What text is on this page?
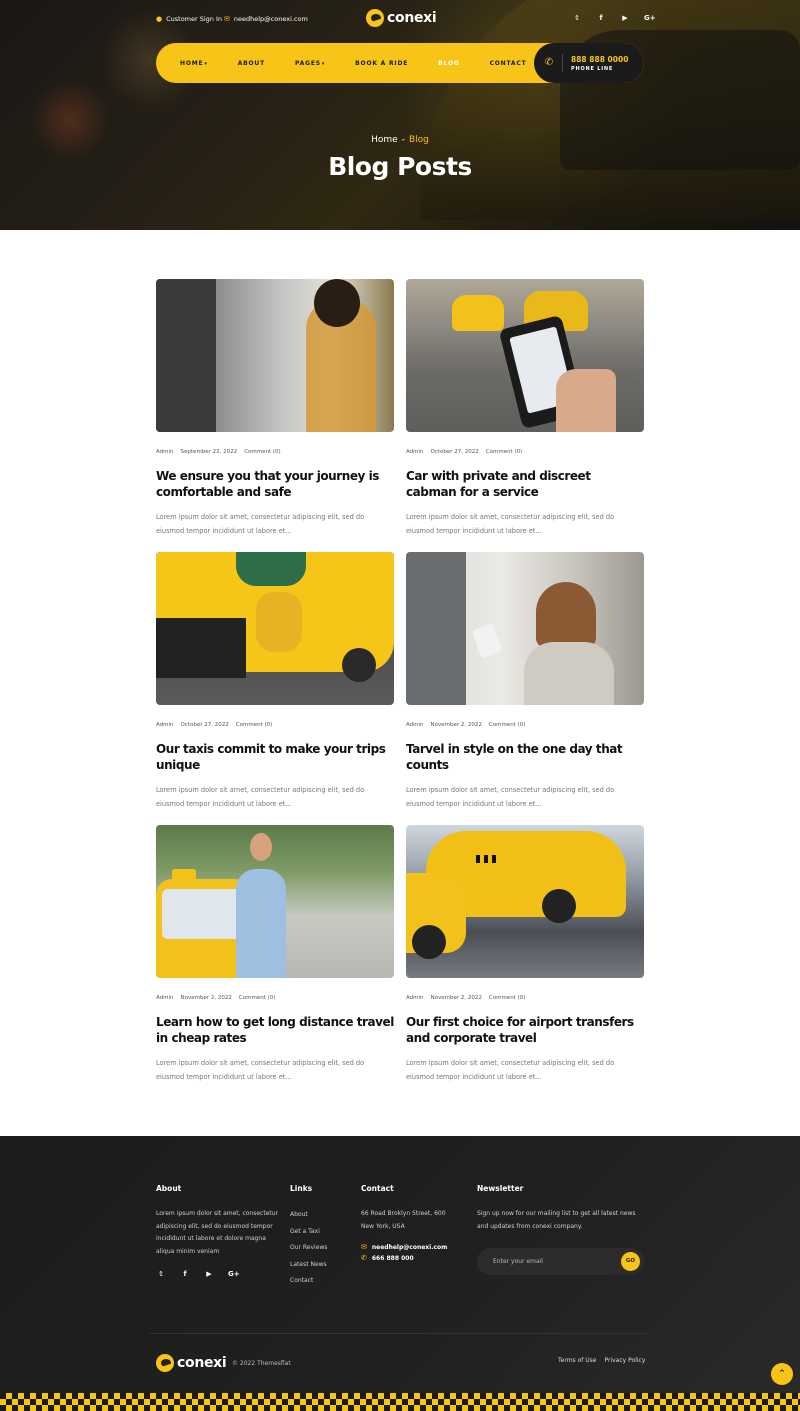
● Customer Sign In ✉ needhelp@conexi.com	conexi	𝕥	f	▶	G+
HOME▾	ABOUT	PAGES▾	BOOK A RIDE	BLOG	CONTACT ✆	888 888 0000
PHONE LINE
Home - Blog
Blog Posts
Admin September 22, 2022 Comment (0)
We ensure you that your journey is comfortable and safe

Lorem ipsum dolor sit amet, consectetur adipiscing elit, sed do eiusmod tempor incididunt ut labore et...

Admin October 27, 2022 Comment (0)
Car with private and discreet cabman for a service

Lorem ipsum dolor sit amet, consectetur adipiscing elit, sed do eiusmod tempor incididunt ut labore et...

Admin October 27, 2022 Comment (0)
Our taxis commit to make your trips unique

Lorem ipsum dolor sit amet, consectetur adipiscing elit, sed do eiusmod tempor incididunt ut labore et...

Admin November 2, 2022 Comment (0)
Tarvel in style on the one day that counts

Lorem ipsum dolor sit amet, consectetur adipiscing elit, sed do eiusmod tempor incididunt ut labore et...

Admin November 2, 2022 Comment (0)
Learn how to get long distance travel in cheap rates

Lorem ipsum dolor sit amet, consectetur adipiscing elit, sed do eiusmod tempor incididunt ut labore et...

Admin November 2, 2022 Comment (0)
Our first choice for airport transfers and corporate travel

Lorem ipsum dolor sit amet, consectetur adipiscing elit, sed do eiusmod tempor incididunt ut labore et...

About
Lorem ipsum dolor sit amet, consectetur adipiscing elit, sed do eiusmod tempor incididunt ut labore et dolore magna aliqua minim veniam
𝕥	f	▶	G+
Links
About
Get a Taxi
Our Reviews
Latest News
Contact
Contact
66 Road Broklyn Street, 600 New York, USA
✉ needhelp@conexi.com
✆ 666 888 000
Newsletter
Sign up now for our mailing list to get all latest news and updates from conexi company.
Enter your email
GO
conexi © 2022 Themesflat	Terms of Use Privacy Policy
⌃
